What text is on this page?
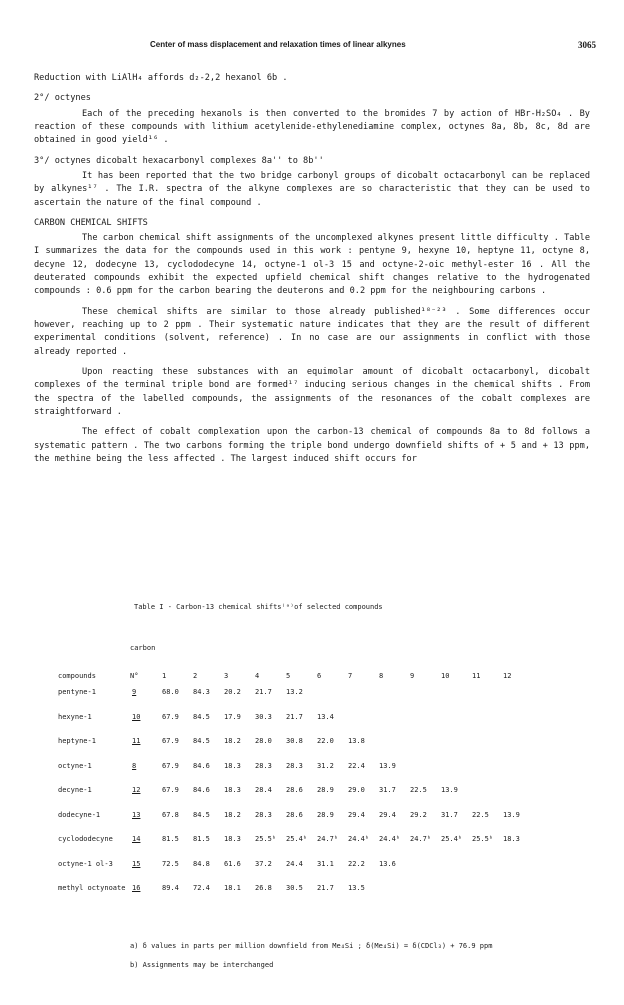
Center of mass displacement and relaxation times of linear alkynes	3065

Reduction with LiAlH₄ affords d₂-2,2 hexanol 6b .

2°/ octynes

Each of the preceding hexanols is then converted to the bromides 7 by action of HBr-H₂SO₄ . By reaction of these compounds with lithium acetylenide-ethylenediamine complex, octynes 8a, 8b, 8c, 8d are obtained in good yield¹⁶ .

3°/ octynes dicobalt hexacarbonyl complexes 8a'' to 8b''

It has been reported that the two bridge carbonyl groups of dicobalt octacarbonyl can be replaced by alkynes¹⁷ . The I.R. spectra of the alkyne complexes are so characteristic that they can be used to ascertain the nature of the final compound .

CARBON CHEMICAL SHIFTS

The carbon chemical shift assignments of the uncomplexed alkynes present little difficulty . Table I summarizes the data for the compounds used in this work : pentyne 9, hexyne 10, heptyne 11, octyne 8, decyne 12, dodecyne 13, cyclododecyne 14, octyne-1 ol-3 15 and octyne-2-oic methyl-ester 16 . All the deuterated compounds exhibit the expected upfield chemical shift changes relative to the hydrogenated compounds : 0.6 ppm for the carbon bearing the deuterons and 0.2 ppm for the neighbouring carbons .

These chemical shifts are similar to those already published¹⁸⁻²³ . Some differences occur however, reaching up to 2 ppm . Their systematic nature indicates that they are the result of different experimental conditions (solvent, reference) . In no case are our assignments in conflict with those already reported .

Upon reacting these substances with an equimolar amount of dicobalt octacarbonyl, dicobalt complexes of the terminal triple bond are formed¹⁷ inducing serious changes in the chemical shifts . From the spectra of the labelled compounds, the assignments of the resonances of the cobalt complexes are straightforward .

The effect of cobalt complexation upon the carbon-13 chemical of compounds 8a to 8d follows a systematic pattern . The two carbons forming the triple bond undergo downfield shifts of + 5 and + 13 ppm, the methine being the less affected . The largest induced shift occurs for

Table I - Carbon-13 chemical shifts⁽ᵃ⁾of selected compounds
	carbon												
compounds	N°	1	2	3	4	5	6	7	8	9	10	11	12
pentyne-1	9	68.0	84.3	20.2	21.7	13.2							
hexyne-1	10	67.9	84.5	17.9	30.3	21.7	13.4						
heptyne-1	11	67.9	84.5	18.2	28.0	30.8	22.0	13.8					
octyne-1	8	67.9	84.6	18.3	28.3	28.3	31.2	22.4	13.9				
decyne-1	12	67.9	84.6	18.3	28.4	28.6	28.9	29.0	31.7	22.5	13.9		
dodecyne-1	13	67.8	84.5	18.2	28.3	28.6	28.9	29.4	29.4	29.2	31.7	22.5	13.9
cyclododecyne	14	81.5	81.5	18.3	25.5ᵇ	25.4ᵇ	24.7ᵇ	24.4ᵇ	24.4ᵇ	24.7ᵇ	25.4ᵇ	25.5ᵇ	18.3
octyne-1 ol-3	15	72.5	84.8	61.6	37.2	24.4	31.1	22.2	13.6				
methyl octynoate	16	89.4	72.4	18.1	26.8	30.5	21.7	13.5					
a) δ values in parts per million downfield from Me₄Si ; δ(Me₄Si) = δ(CDCl₃) + 76.9 ppm
b) Assignments may be interchanged
